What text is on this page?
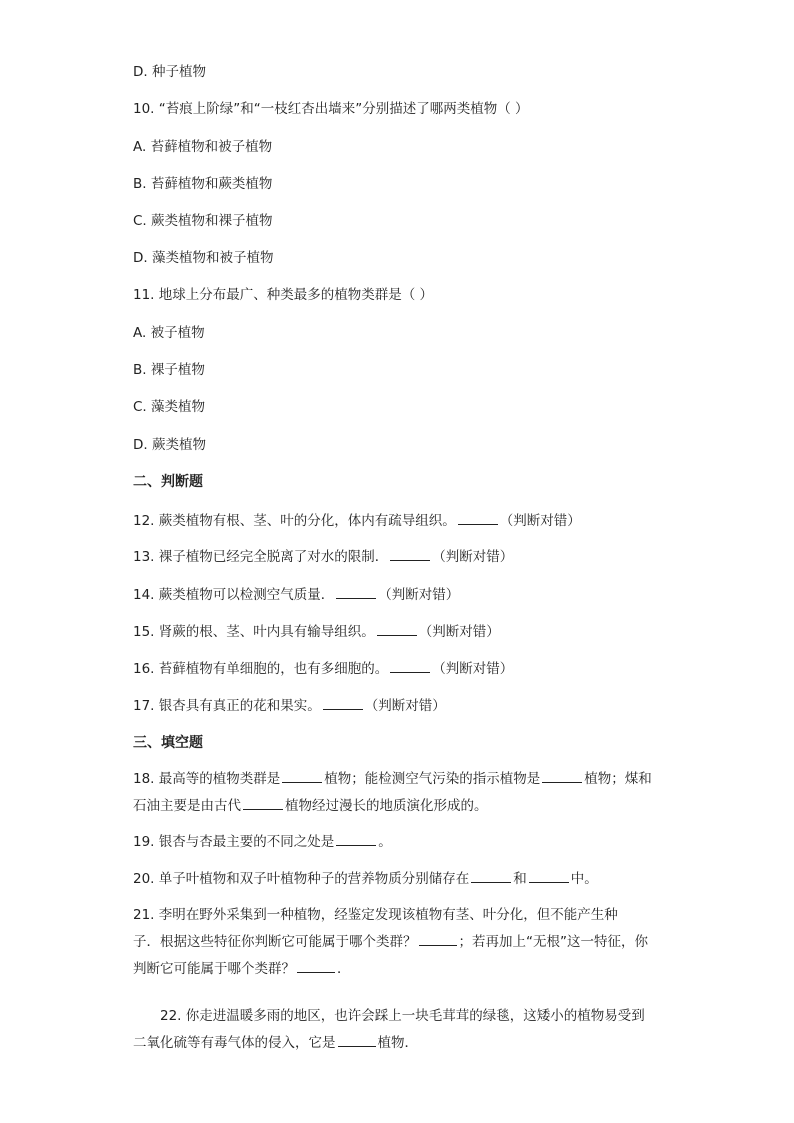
D. 种子植物
10. “苔痕上阶绿”和“一枝红杏出墙来”分别描述了哪两类植物（ ）
A. 苔藓植物和被子植物
B. 苔藓植物和蕨类植物
C. 蕨类植物和裸子植物
D. 藻类植物和被子植物
11. 地球上分布最广、种类最多的植物类群是（ ）
A. 被子植物
B. 裸子植物
C. 藻类植物
D. 蕨类植物
二、判断题
12. 蕨类植物有根、茎、叶的分化，体内有疏导组织。	（判断对错）
13. 裸子植物已经完全脱离了对水的限制．	（判断对错）
14. 蕨类植物可以检测空气质量．	（判断对错）
15. 肾蕨的根、茎、叶内具有输导组织。	（判断对错）
16. 苔藓植物有单细胞的，也有多细胞的。	（判断对错）
17. 银杏具有真正的花和果实。	（判断对错）
三、填空题
18. 最高等的植物类群是	植物；能检测空气污染的指示植物是	植物；煤和
石油主要是由古代	植物经过漫长的地质演化形成的。
19. 银杏与杏最主要的不同之处是	。
20. 单子叶植物和双子叶植物种子的营养物质分别储存在	和	中。
21. 李明在野外采集到一种植物，经鉴定发现该植物有茎、叶分化，但不能产生种
子．根据这些特征你判断它可能属于哪个类群？	；若再加上“无根”这一特征，你
判断它可能属于哪个类群？	．
22. 你走进温暖多雨的地区，也许会踩上一块毛茸茸的绿毯，这矮小的植物易受到
二氧化硫等有毒气体的侵入，它是	植物．
